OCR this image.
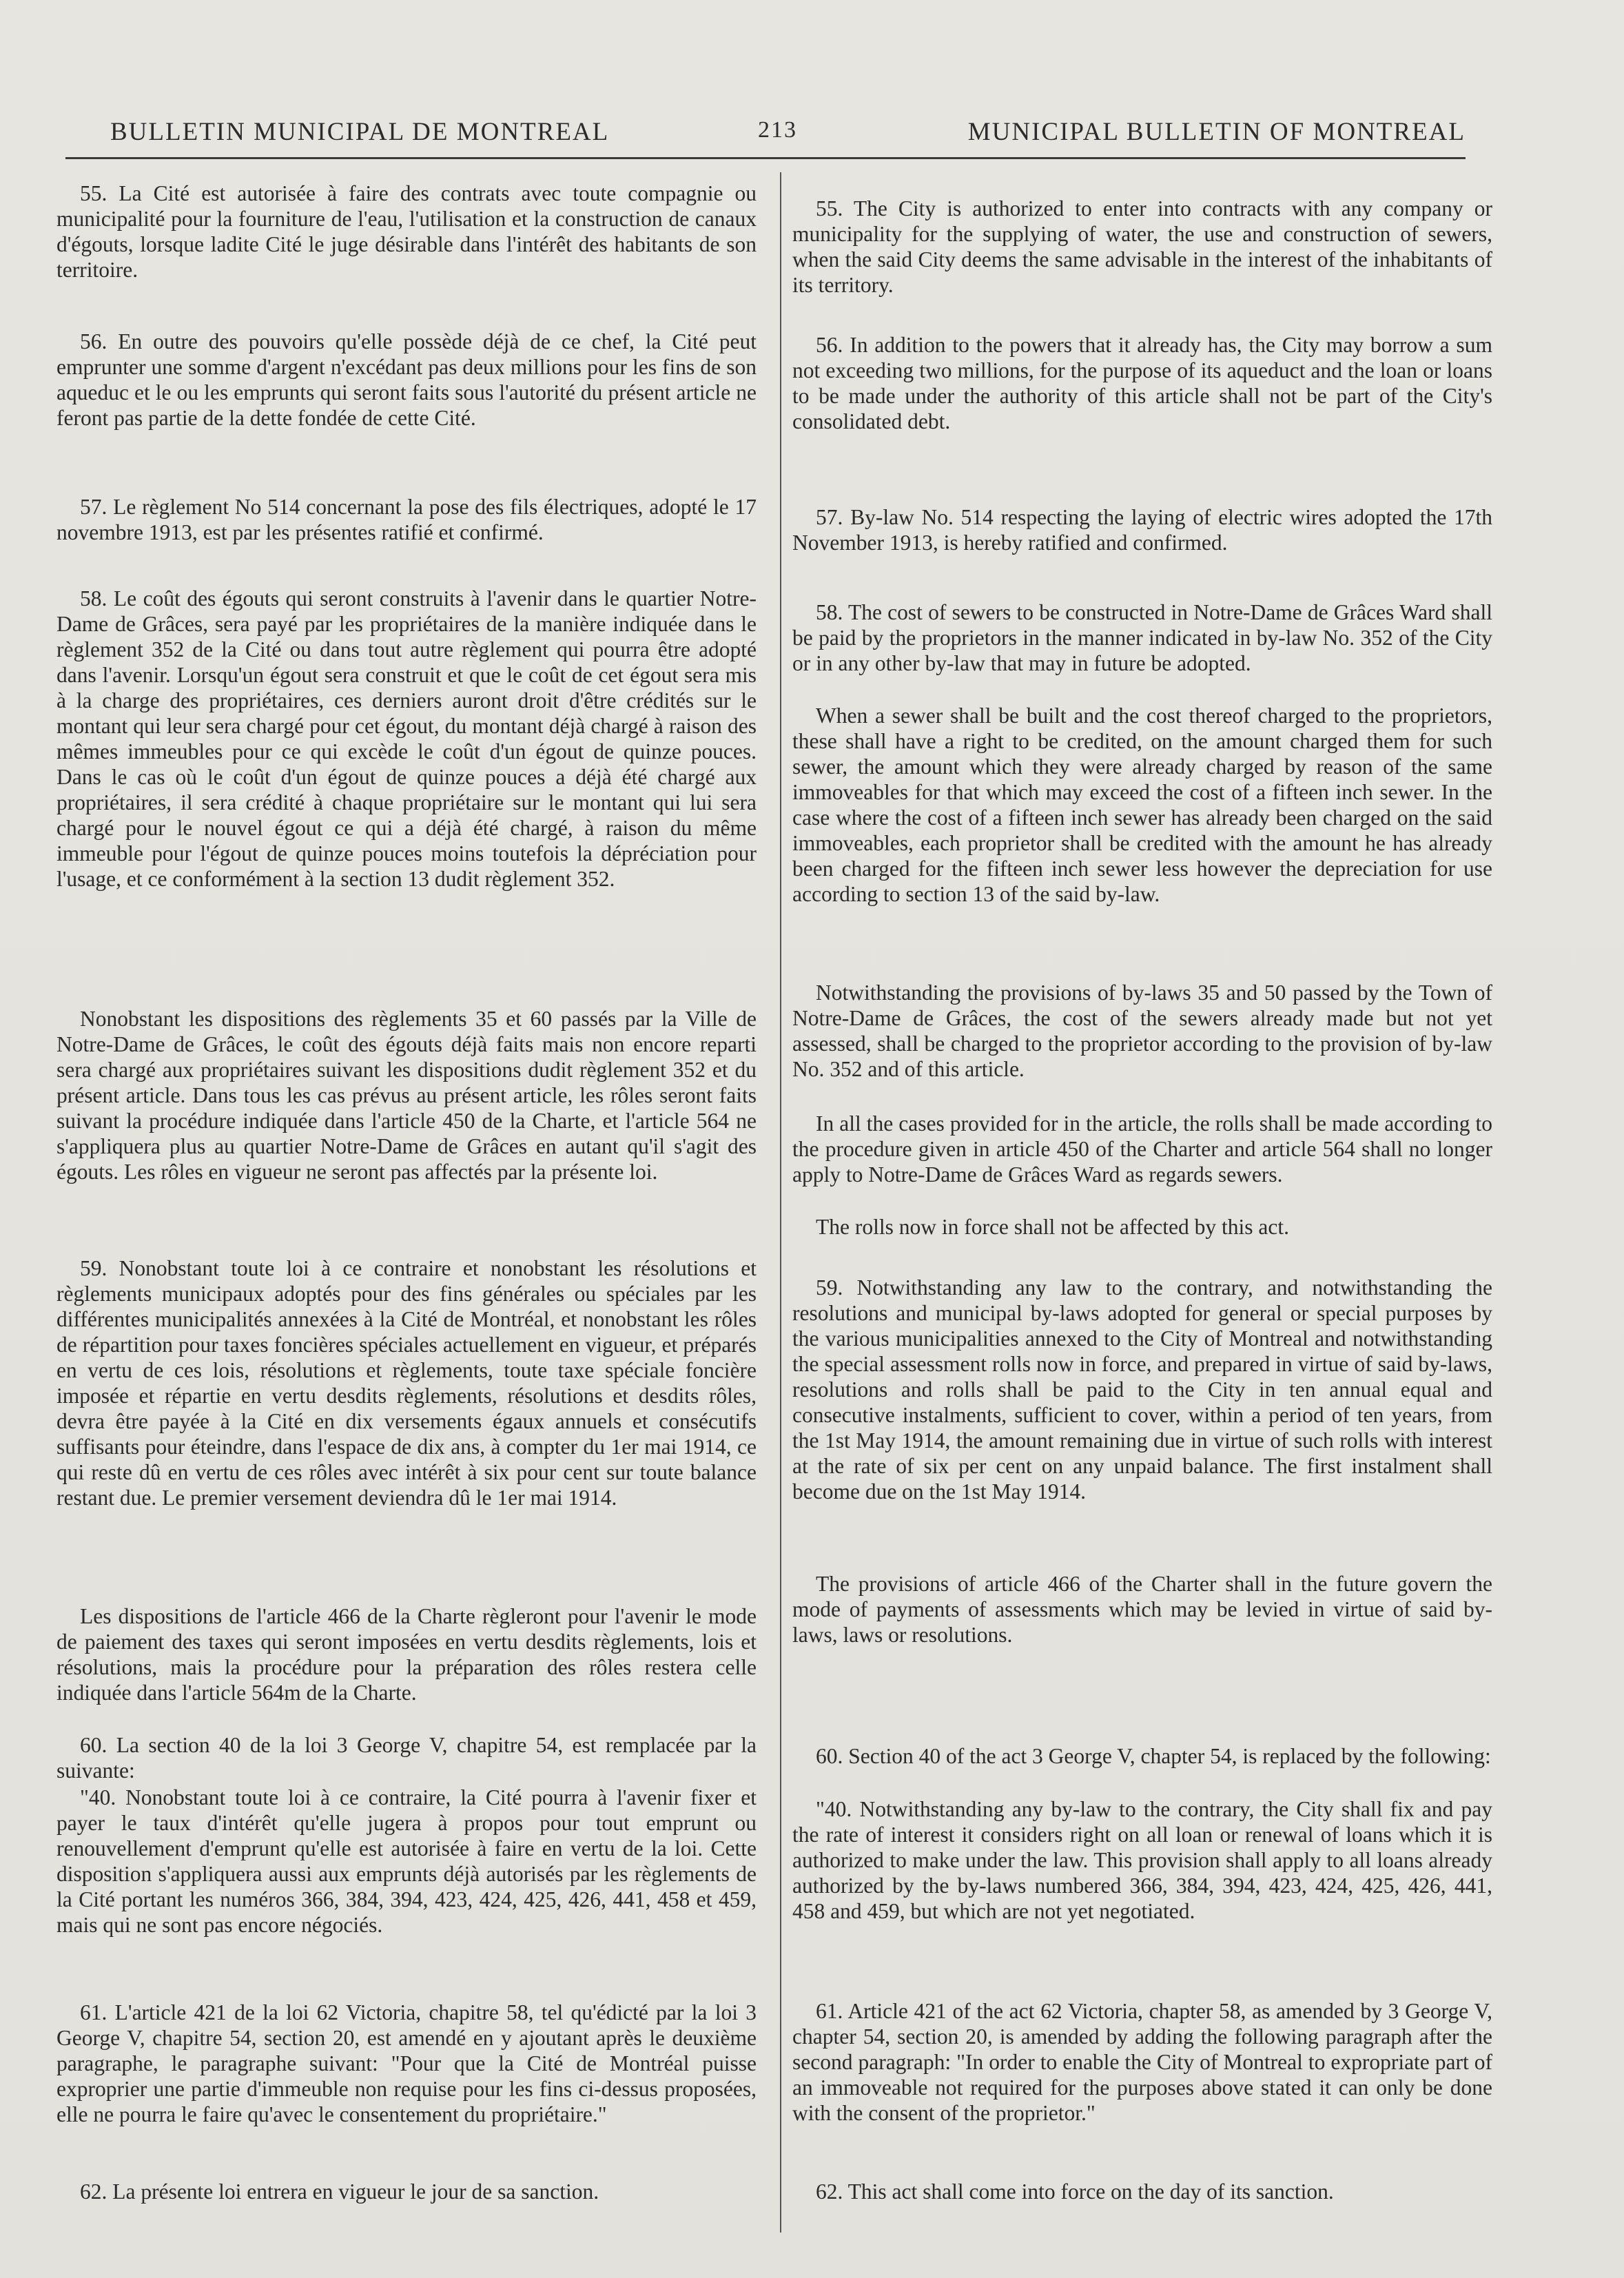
BULLETIN MUNICIPAL DE MONTREAL	213	MUNICIPAL BULLETIN OF MONTREAL

55. La Cité est autorisée à faire des contrats avec toute compagnie ou municipalité pour la fourniture de l'eau, l'utilisation et la construction de canaux d'égouts, lorsque ladite Cité le juge désirable dans l'intérêt des habitants de son territoire.

56. En outre des pouvoirs qu'elle possède déjà de ce chef, la Cité peut emprunter une somme d'argent n'excédant pas deux millions pour les fins de son aqueduc et le ou les emprunts qui seront faits sous l'autorité du présent article ne feront pas partie de la dette fondée de cette Cité.

57. Le règlement No 514 concernant la pose des fils électriques, adopté le 17 novembre 1913, est par les présentes ratifié et confirmé.

58. Le coût des égouts qui seront construits à l'avenir dans le quartier Notre-Dame de Grâces, sera payé par les propriétaires de la manière indiquée dans le règlement 352 de la Cité ou dans tout autre règlement qui pourra être adopté dans l'avenir. Lorsqu'un égout sera construit et que le coût de cet égout sera mis à la charge des propriétaires, ces derniers auront droit d'être crédités sur le montant qui leur sera chargé pour cet égout, du montant déjà chargé à raison des mêmes immeubles pour ce qui excède le coût d'un égout de quinze pouces. Dans le cas où le coût d'un égout de quinze pouces a déjà été chargé aux propriétaires, il sera crédité à chaque propriétaire sur le montant qui lui sera chargé pour le nouvel égout ce qui a déjà été chargé, à raison du même immeuble pour l'égout de quinze pouces moins toutefois la dépréciation pour l'usage, et ce conformément à la section 13 dudit règlement 352.

Nonobstant les dispositions des règlements 35 et 60 passés par la Ville de Notre-Dame de Grâces, le coût des égouts déjà faits mais non encore reparti sera chargé aux propriétaires suivant les dispositions dudit règlement 352 et du présent article. Dans tous les cas prévus au présent article, les rôles seront faits suivant la procédure indiquée dans l'article 450 de la Charte, et l'article 564 ne s'appliquera plus au quartier Notre-Dame de Grâces en autant qu'il s'agit des égouts. Les rôles en vigueur ne seront pas affectés par la présente loi.

59. Nonobstant toute loi à ce contraire et nonobstant les résolutions et règlements municipaux adoptés pour des fins générales ou spéciales par les différentes municipalités annexées à la Cité de Montréal, et nonobstant les rôles de répartition pour taxes foncières spéciales actuellement en vigueur, et préparés en vertu de ces lois, résolutions et règlements, toute taxe spéciale foncière imposée et répartie en vertu desdits règlements, résolutions et desdits rôles, devra être payée à la Cité en dix versements égaux annuels et consécutifs suffisants pour éteindre, dans l'espace de dix ans, à compter du 1er mai 1914, ce qui reste dû en vertu de ces rôles avec intérêt à six pour cent sur toute balance restant due. Le premier versement deviendra dû le 1er mai 1914.

Les dispositions de l'article 466 de la Charte règleront pour l'avenir le mode de paiement des taxes qui seront imposées en vertu desdits règlements, lois et résolutions, mais la procédure pour la préparation des rôles restera celle indiquée dans l'article 564m de la Charte.

60. La section 40 de la loi 3 George V, chapitre 54, est remplacée par la suivante:

"40. Nonobstant toute loi à ce contraire, la Cité pourra à l'avenir fixer et payer le taux d'intérêt qu'elle jugera à propos pour tout emprunt ou renouvellement d'emprunt qu'elle est autorisée à faire en vertu de la loi. Cette disposition s'appliquera aussi aux emprunts déjà autorisés par les règlements de la Cité portant les numéros 366, 384, 394, 423, 424, 425, 426, 441, 458 et 459, mais qui ne sont pas encore négociés.

61. L'article 421 de la loi 62 Victoria, chapitre 58, tel qu'édicté par la loi 3 George V, chapitre 54, section 20, est amendé en y ajoutant après le deuxième paragraphe, le paragraphe suivant: "Pour que la Cité de Montréal puisse exproprier une partie d'immeuble non requise pour les fins ci-dessus proposées, elle ne pourra le faire qu'avec le consentement du propriétaire."

62. La présente loi entrera en vigueur le jour de sa sanction.

55. The City is authorized to enter into contracts with any company or municipality for the supplying of water, the use and construction of sewers, when the said City deems the same advisable in the interest of the inhabitants of its territory.

56. In addition to the powers that it already has, the City may borrow a sum not exceeding two millions, for the purpose of its aqueduct and the loan or loans to be made under the authority of this article shall not be part of the City's consolidated debt.

57. By-law No. 514 respecting the laying of electric wires adopted the 17th November 1913, is hereby ratified and confirmed.

58. The cost of sewers to be constructed in Notre-Dame de Grâces Ward shall be paid by the proprietors in the manner indicated in by-law No. 352 of the City or in any other by-law that may in future be adopted.

When a sewer shall be built and the cost thereof charged to the proprietors, these shall have a right to be credited, on the amount charged them for such sewer, the amount which they were already charged by reason of the same immoveables for that which may exceed the cost of a fifteen inch sewer. In the case where the cost of a fifteen inch sewer has already been charged on the said immoveables, each proprietor shall be credited with the amount he has already been charged for the fifteen inch sewer less however the depreciation for use according to section 13 of the said by-law.

Notwithstanding the provisions of by-laws 35 and 50 passed by the Town of Notre-Dame de Grâces, the cost of the sewers already made but not yet assessed, shall be charged to the proprietor according to the provision of by-law No. 352 and of this article.

In all the cases provided for in the article, the rolls shall be made according to the procedure given in article 450 of the Charter and article 564 shall no longer apply to Notre-Dame de Grâces Ward as regards sewers.

The rolls now in force shall not be affected by this act.

59. Notwithstanding any law to the contrary, and notwithstanding the resolutions and municipal by-laws adopted for general or special purposes by the various municipalities annexed to the City of Montreal and notwithstanding the special assessment rolls now in force, and prepared in virtue of said by-laws, resolutions and rolls shall be paid to the City in ten annual equal and consecutive instalments, sufficient to cover, within a period of ten years, from the 1st May 1914, the amount remaining due in virtue of such rolls with interest at the rate of six per cent on any unpaid balance. The first instalment shall become due on the 1st May 1914.

The provisions of article 466 of the Charter shall in the future govern the mode of payments of assessments which may be levied in virtue of said by-laws, laws or resolutions.

60. Section 40 of the act 3 George V, chapter 54, is replaced by the following:

"40. Notwithstanding any by-law to the contrary, the City shall fix and pay the rate of interest it considers right on all loan or renewal of loans which it is authorized to make under the law. This provision shall apply to all loans already authorized by the by-laws numbered 366, 384, 394, 423, 424, 425, 426, 441, 458 and 459, but which are not yet negotiated.

61. Article 421 of the act 62 Victoria, chapter 58, as amended by 3 George V, chapter 54, section 20, is amended by adding the following paragraph after the second paragraph: "In order to enable the City of Montreal to expropriate part of an immoveable not required for the purposes above stated it can only be done with the consent of the proprietor."

62. This act shall come into force on the day of its sanction.
